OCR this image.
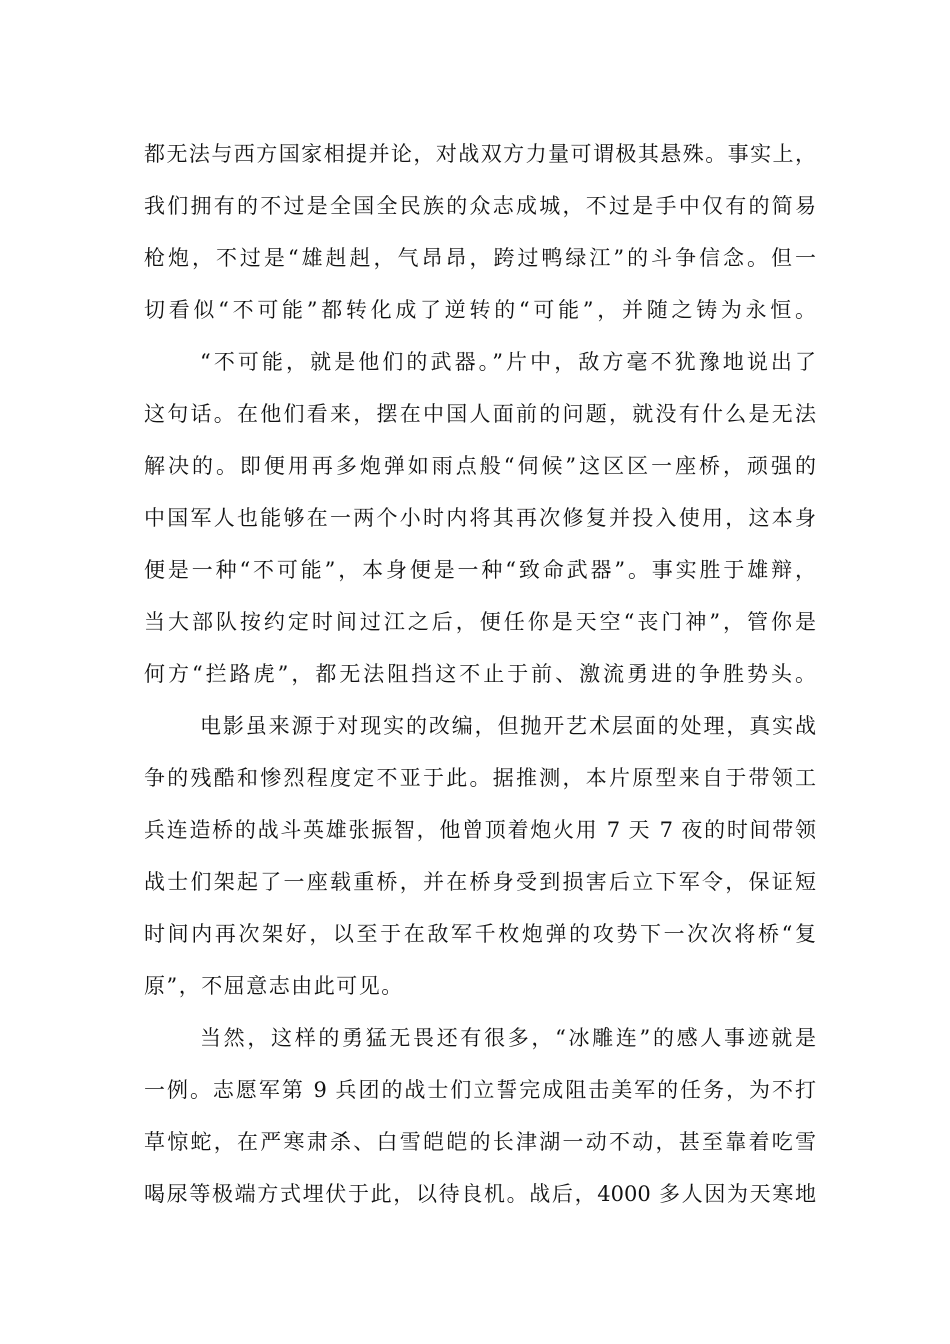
都无法与西方国家相提并论，对战双方力量可谓极其悬殊。事实上，
我们拥有的不过是全国全民族的众志成城，不过是手中仅有的简易
枪炮，不过是“雄赳赳，气昂昂，跨过鸭绿江”的斗争信念。但一
切看似“不可能”都转化成了逆转的“可能”，并随之铸为永恒。
“不可能，就是他们的武器。”片中，敌方毫不犹豫地说出了
这句话。在他们看来，摆在中国人面前的问题，就没有什么是无法
解决的。即便用再多炮弹如雨点般“伺候”这区区一座桥，顽强的
中国军人也能够在一两个小时内将其再次修复并投入使用，这本身
便是一种“不可能”，本身便是一种“致命武器”。事实胜于雄辩，
当大部队按约定时间过江之后，便任你是天空“丧门神”，管你是
何方“拦路虎”，都无法阻挡这不止于前、激流勇进的争胜势头。
电影虽来源于对现实的改编，但抛开艺术层面的处理，真实战
争的残酷和惨烈程度定不亚于此。据推测，本片原型来自于带领工
兵连造桥的战斗英雄张振智，他曾顶着炮火用 7 天 7 夜的时间带领
战士们架起了一座载重桥，并在桥身受到损害后立下军令，保证短
时间内再次架好，以至于在敌军千枚炮弹的攻势下一次次将桥“复
原”，不屈意志由此可见。
当然，这样的勇猛无畏还有很多，“冰雕连”的感人事迹就是
一例。志愿军第 9 兵团的战士们立誓完成阻击美军的任务，为不打
草惊蛇，在严寒肃杀、白雪皑皑的长津湖一动不动，甚至靠着吃雪
喝尿等极端方式埋伏于此，以待良机。战后，4000 多人因为天寒地
